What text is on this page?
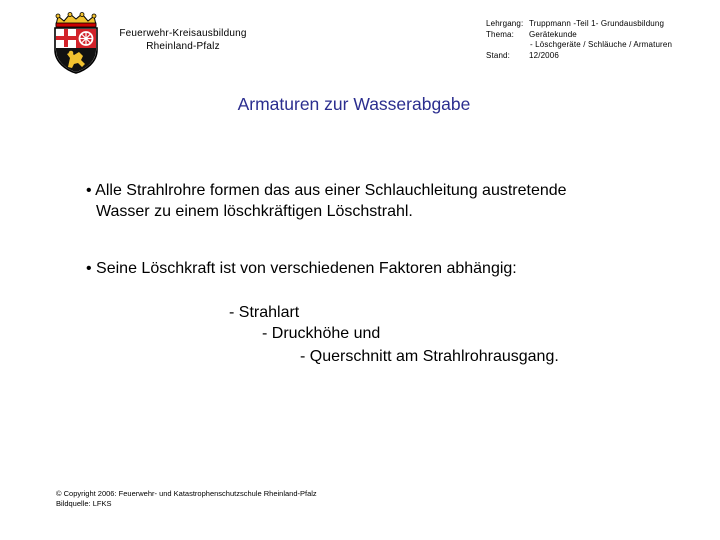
Feuerwehr-Kreisausbildung
Rheinland-Pfalz
Lehrgang: Truppmann -Teil 1- Grundausbildung
Thema: Gerätekunde
- Löschgeräte / Schläuche / Armaturen
Stand: 12/2006
Armaturen zur Wasserabgabe
• Alle Strahlrohre formen das aus einer Schlauchleitung austretende
Wasser zu einem löschkräftigen Löschstrahl.
• Seine Löschkraft ist von verschiedenen Faktoren abhängig:
- Strahlart
- Druckhöhe und
- Querschnitt am Strahlrohrausgang.
© Copyright 2006: Feuerwehr- und Katastrophenschutzschule Rheinland-Pfalz
Bildquelle: LFKS
